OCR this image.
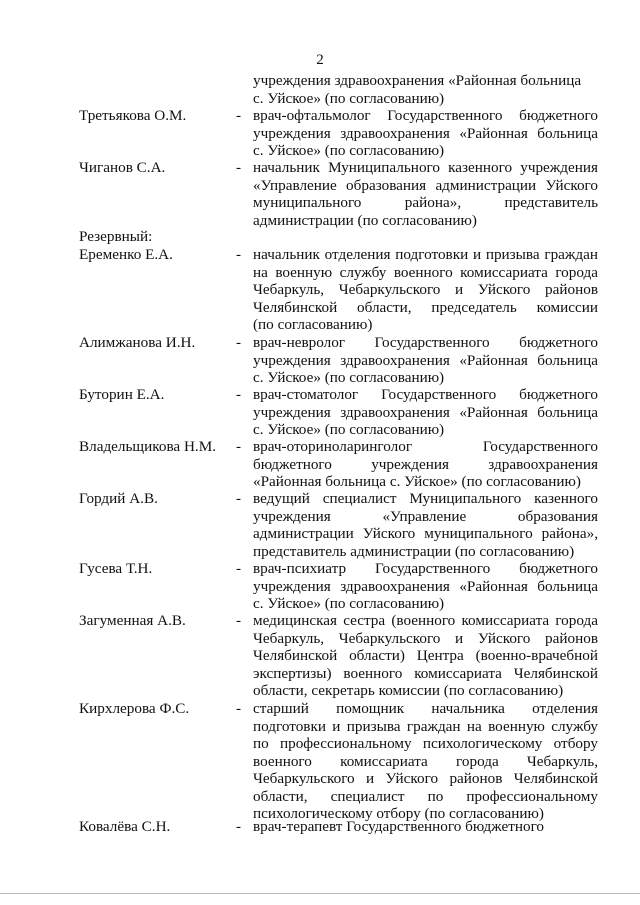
2
учреждения здравоохранения «Районная больница
с. Уйское» (по согласованию)
Резервный:
Третьякова О.М.	- врач-офтальмолог Государственного бюджетного
учреждения здравоохранения «Районная больница
с. Уйское» (по согласованию)
Чиганов С.А.	- начальник Муниципального казенного учреждения
«Управление образования администрации Уйского
муниципального района», представитель
администрации (по согласованию)
Еременко Е.А.	- начальник отделения подготовки и призыва граждан
на военную службу военного комиссариата города
Чебаркуль, Чебаркульского и Уйского районов
Челябинской области, председатель комиссии
(по согласованию)
Алимжанова И.Н.	- врач-невролог Государственного бюджетного
учреждения здравоохранения «Районная больница
с. Уйское» (по согласованию)
Буторин Е.А.	- врач-стоматолог Государственного бюджетного
учреждения здравоохранения «Районная больница
с. Уйское» (по согласованию)
Владельщикова Н.М. - врач-оториноларинголог Государственного
бюджетного учреждения здравоохранения
«Районная больница с. Уйское» (по согласованию)
Гордий А.В.	- ведущий специалист Муниципального казенного
учреждения «Управление образования
администрации Уйского муниципального района»,
представитель администрации (по согласованию)
Гусева Т.Н.	- врач-психиатр Государственного бюджетного
учреждения здравоохранения «Районная больница
с. Уйское» (по согласованию)
Загуменная А.В.	- медицинская сестра (военного комиссариата города
Чебаркуль, Чебаркульского и Уйского районов
Челябинской области) Центра (военно-врачебной
экспертизы) военного комиссариата Челябинской
области, секретарь комиссии (по согласованию)
Кирхлерова Ф.С.	- старший помощник начальника отделения
подготовки и призыва граждан на военную службу
по профессиональному психологическому отбору
военного комиссариата города Чебаркуль,
Чебаркульского и Уйского районов Челябинской
области, специалист по профессиональному
психологическому отбору (по согласованию)
Ковалёва С.Н.	- врач-терапевт Государственного бюджетного
